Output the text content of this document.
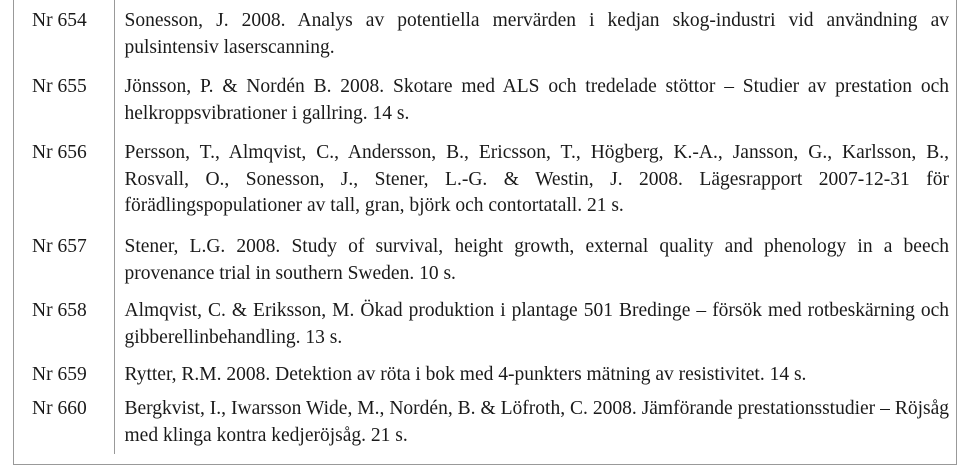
Nr 654	Sonesson, J. 2008. Analys av potentiella mervärden i kedjan skog-industri vid användning av pulsintensiv laserscanning.
Nr 655	Jönsson, P. & Nordén B. 2008. Skotare med ALS och tredelade stöttor – Studier av prestation och helkroppsvibrationer i gallring. 14 s.
Nr 656	Persson, T., Almqvist, C., Andersson, B., Ericsson, T., Högberg, K.-A., Jansson, G., Karlsson, B., Rosvall, O., Sonesson, J., Stener, L.-G. & Westin, J. 2008. Lägesrapport 2007-12-31 för förädlingspopulationer av tall, gran, björk och contortatall. 21 s.
Nr 657	Stener, L.G. 2008. Study of survival, height growth, external quality and phenology in a beech provenance trial in southern Sweden. 10 s.
Nr 658	Almqvist, C. & Eriksson, M. Ökad produktion i plantage 501 Bredinge – försök med rotbeskärning och gibberellinbehandling. 13 s.
Nr 659	Rytter, R.M. 2008. Detektion av röta i bok med 4-punkters mätning av resistivitet. 14 s.
Nr 660	Bergkvist, I., Iwarsson Wide, M., Nordén, B. & Löfroth, C. 2008. Jämförande prestationsstudier – Röjsåg med klinga kontra kedjeröjsåg. 21 s.
